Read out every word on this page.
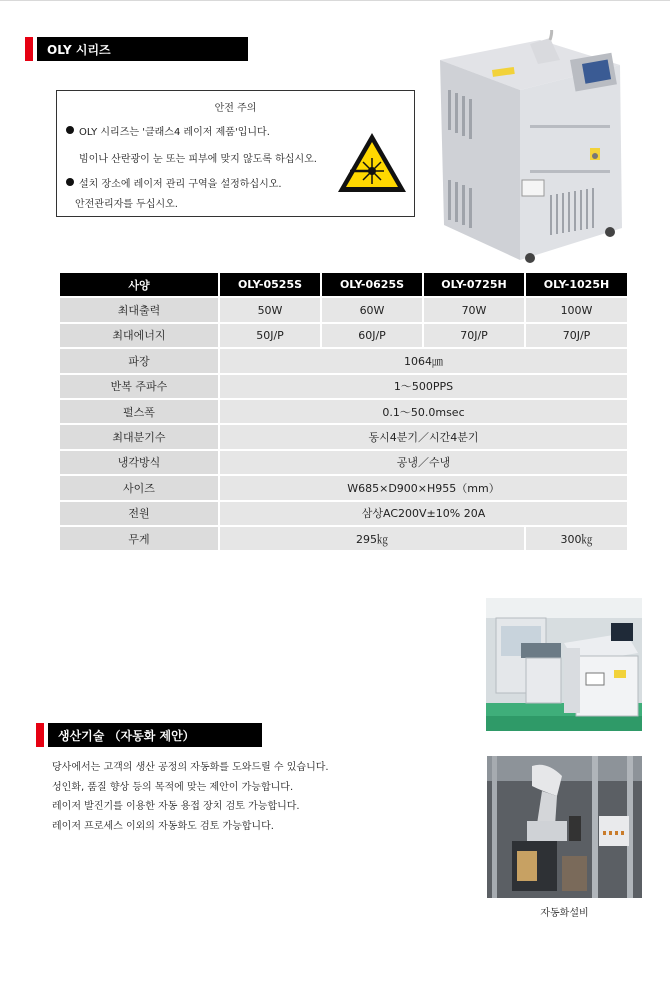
OLY 시리즈
안전 주의
OLY 시리즈는 '클래스4 레이저 제품'입니다.
빔이나 산란광이 눈 또는 피부에 맞지 않도록 하십시오.
설치 장소에 레이저 관리 구역을 설정하십시오.
안전관리자를 두십시오.
사양	OLY-0525S	OLY-0625S	OLY-0725H	OLY-1025H
최대출력	50W	60W	70W	100W
최대에너지	50J/P	60J/P	70J/P	70J/P
파장	1064㎛			
반복 주파수	1～500PPS			
펄스폭	0.1～50.0msec			
최대분기수	동시4분기／시간4분기			
냉각방식	공냉／수냉			
사이즈	W685×D900×H955（mm）			
전원	삼상AC200V±10% 20A			
무게	295㎏			300㎏
자동화설비
생산기술 （자동화 제안）
당사에서는 고객의 생산 공정의 자동화를 도와드릴 수 있습니다.
성인화, 품질 향상 등의 목적에 맞는 제안이 가능합니다.
레이저 발진기를 이용한 자동 용접 장치 검토 가능합니다.
레이저 프로세스 이외의 자동화도 검토 가능합니다.
